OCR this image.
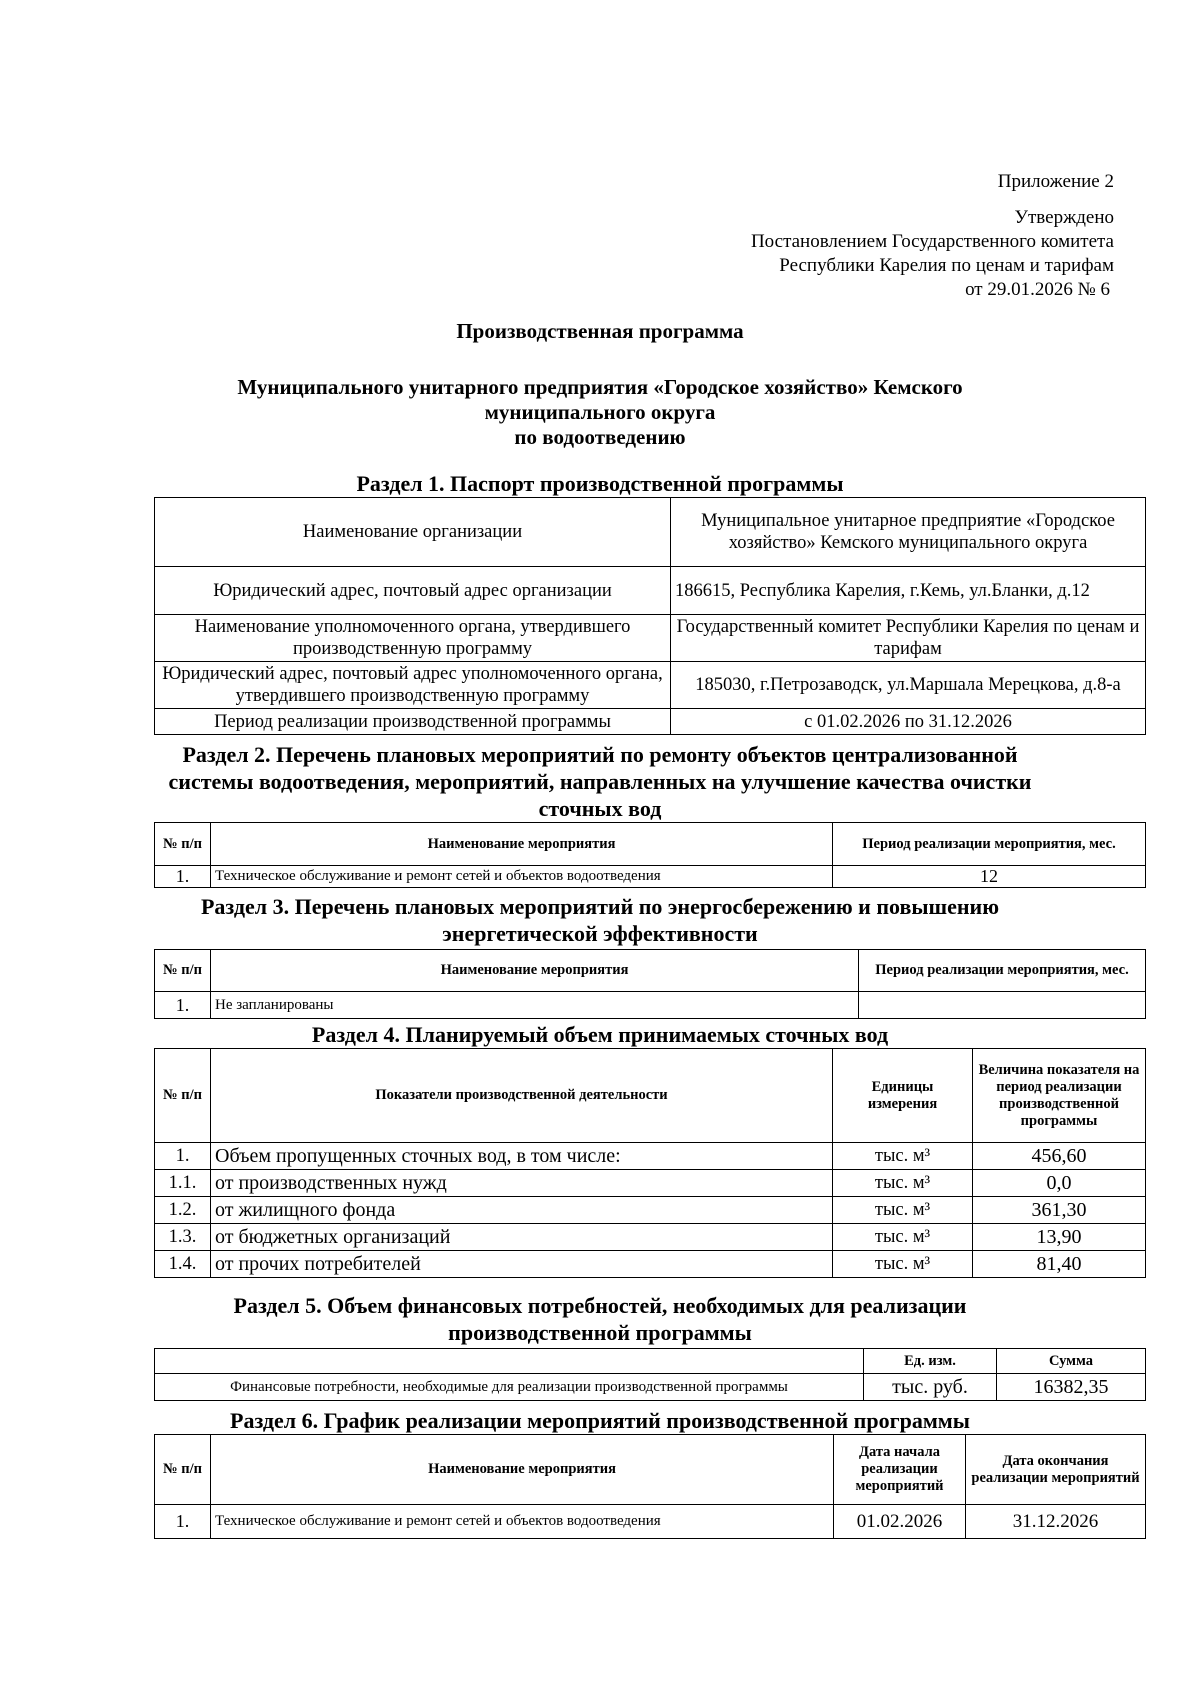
Приложение 2
Утверждено
Постановлением Государственного комитета
Республики Карелия по ценам и тарифам
от 29.01.2026 № 6
Производственная программа
Муниципального унитарного предприятия «Городское хозяйство» Кемского
муниципального округа
по водоотведению
Раздел 1. Паспорт производственной программы
Наименование организации	Муниципальное унитарное предприятие «Городское хозяйство» Кемского муниципального округа
Юридический адрес, почтовый адрес организации	186615, Республика Карелия, г.Кемь, ул.Бланки, д.12
Наименование уполномоченного органа, утвердившего производственную программу	Государственный комитет Республики Карелия по ценам и тарифам
Юридический адрес, почтовый адрес уполномоченного органа, утвердившего производственную программу	185030, г.Петрозаводск, ул.Маршала Мерецкова, д.8-а
Период реализации производственной программы	с 01.02.2026 по 31.12.2026
Раздел 2. Перечень плановых мероприятий по ремонту объектов централизованной
системы водоотведения, мероприятий, направленных на улучшение качества очистки
сточных вод
№ п/п	Наименование мероприятия	Период реализации мероприятия, мес.
1.	Техническое обслуживание и ремонт сетей и объектов водоотведения	12
Раздел 3. Перечень плановых мероприятий по энергосбережению и повышению
энергетической эффективности
№ п/п	Наименование мероприятия	Период реализации мероприятия, мес.
1.	Не запланированы	
Раздел 4. Планируемый объем принимаемых сточных вод
№ п/п	Показатели производственной деятельности	Единицы измерения	Величина показателя на период реализации производственной программы
1.	Объем пропущенных сточных вод, в том числе:	тыс. м³	456,60
1.1.	от производственных нужд	тыс. м³	0,0
1.2.	от жилищного фонда	тыс. м³	361,30
1.3.	от бюджетных организаций	тыс. м³	13,90
1.4.	от прочих потребителей	тыс. м³	81,40
Раздел 5. Объем финансовых потребностей, необходимых для реализации
производственной программы
	Ед. изм.	Сумма
Финансовые потребности, необходимые для реализации производственной программы	тыс. руб.	16382,35
Раздел 6. График реализации мероприятий производственной программы
№ п/п	Наименование мероприятия	Дата начала реализации мероприятий	Дата окончания реализации мероприятий
1.	Техническое обслуживание и ремонт сетей и объектов водоотведения	01.02.2026	31.12.2026
